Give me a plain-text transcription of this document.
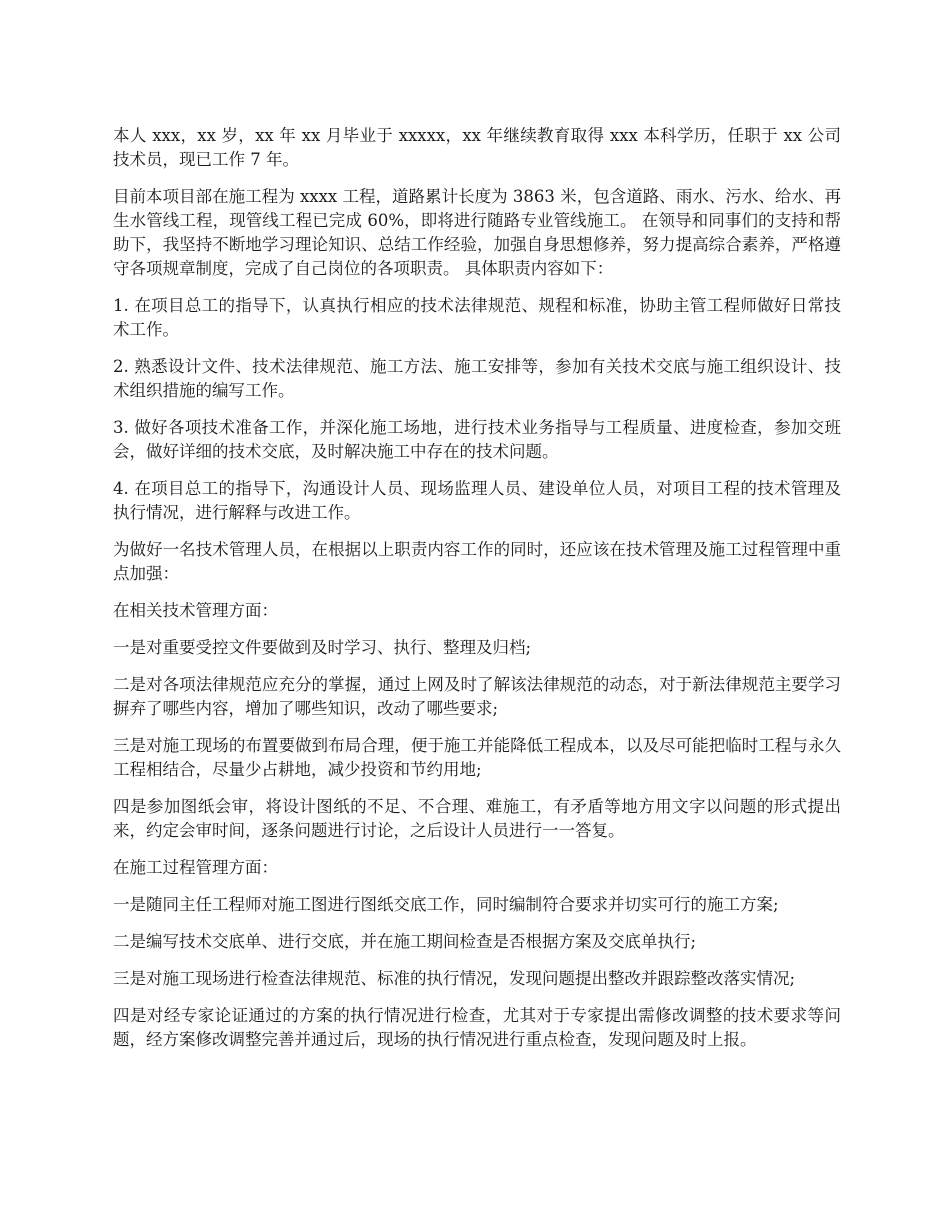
本人 xxx，xx 岁，xx 年 xx 月毕业于 xxxxx，xx 年继续教育取得 xxx 本科学历，任职于 xx 公司技术员，现已工作 7 年。

目前本项目部在施工程为 xxxx 工程，道路累计长度为 3863 米，包含道路、雨水、污水、给水、再生水管线工程，现管线工程已完成 60%，即将进行随路专业管线施工。 在领导和同事们的支持和帮助下，我坚持不断地学习理论知识、总结工作经验，加强自身思想修养，努力提高综合素养，严格遵守各项规章制度，完成了自己岗位的各项职责。 具体职责内容如下：

1. 在项目总工的指导下，认真执行相应的技术法律规范、规程和标准，协助主管工程师做好日常技术工作。

2. 熟悉设计文件、技术法律规范、施工方法、施工安排等，参加有关技术交底与施工组织设计、技术组织措施的编写工作。

3. 做好各项技术准备工作，并深化施工场地，进行技术业务指导与工程质量、进度检查，参加交班会，做好详细的技术交底，及时解决施工中存在的技术问题。

4. 在项目总工的指导下，沟通设计人员、现场监理人员、建设单位人员，对项目工程的技术管理及执行情况，进行解释与改进工作。

为做好一名技术管理人员，在根据以上职责内容工作的同时，还应该在技术管理及施工过程管理中重点加强：

在相关技术管理方面：

一是对重要受控文件要做到及时学习、执行、整理及归档;

二是对各项法律规范应充分的掌握，通过上网及时了解该法律规范的动态，对于新法律规范主要学习摒弃了哪些内容，增加了哪些知识，改动了哪些要求;

三是对施工现场的布置要做到布局合理，便于施工并能降低工程成本，以及尽可能把临时工程与永久工程相结合，尽量少占耕地，减少投资和节约用地;

四是参加图纸会审，将设计图纸的不足、不合理、难施工，有矛盾等地方用文字以问题的形式提出来，约定会审时间，逐条问题进行讨论，之后设计人员进行一一答复。

在施工过程管理方面：

一是随同主任工程师对施工图进行图纸交底工作，同时编制符合要求并切实可行的施工方案;

二是编写技术交底单、进行交底，并在施工期间检查是否根据方案及交底单执行;

三是对施工现场进行检查法律规范、标准的执行情况，发现问题提出整改并跟踪整改落实情况;

四是对经专家论证通过的方案的执行情况进行检查，尤其对于专家提出需修改调整的技术要求等问题，经方案修改调整完善并通过后，现场的执行情况进行重点检查，发现问题及时上报。
